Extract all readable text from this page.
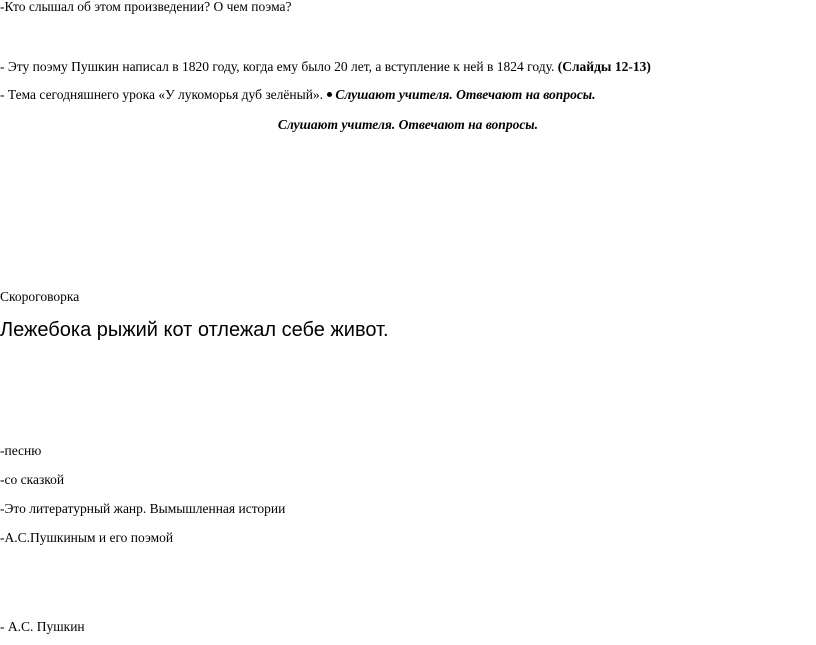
-Кто слышал об этом произведении? О чем поэма?
- Эту поэму Пушкин написал в 1820 году, когда ему было 20 лет, а вступление к ней в 1824 году. (Слайды 12-13)
- Тема сегодняшнего урока «У лукоморья дуб зелёный». Слушают учителя. Отвечают на вопросы.
Слушают учителя. Отвечают на вопросы.
Скороговорка
Лежебока рыжий кот отлежал себе живот.
-песню
-со сказкой
-Это литературный жанр. Вымышленная истории
-А.С.Пушкиным и его поэмой
- А.С. Пушкин
